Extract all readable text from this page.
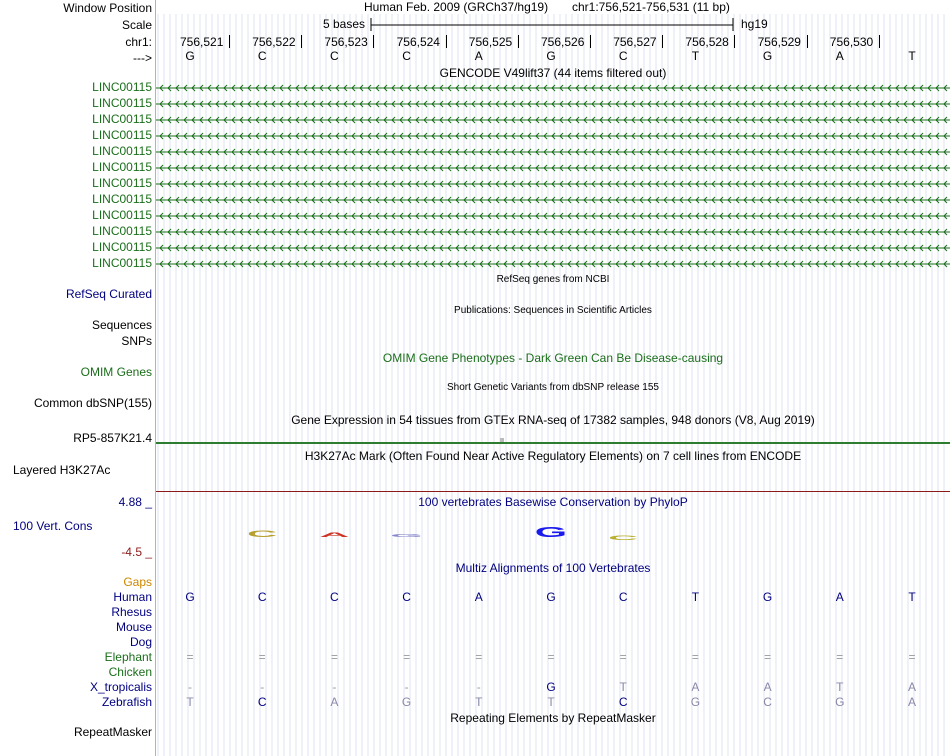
Window Position
Scale
chr1:
--->
LINC00115
LINC00115
LINC00115
LINC00115
LINC00115
LINC00115
LINC00115
LINC00115
LINC00115
LINC00115
LINC00115
LINC00115
RefSeq Curated
Sequences
SNPs
OMIM Genes
Common dbSNP(155)
RP5-857K21.4
Layered H3K27Ac
4.88 _
100 Vert. Cons
-4.5 _
Gaps
Human
Rhesus
Mouse
Dog
Elephant
Chicken
X_tropicalis
Zebrafish
RepeatMasker
Human Feb. 2009 (GRCh37/hg19) chr1:756,521-756,531 (11 bp)
5 bases	hg19
GENCODE V49lift37 (44 items filtered out)
RefSeq genes from NCBI
Publications: Sequences in Scientific Articles
OMIM Gene Phenotypes - Dark Green Can Be Disease-causing
Short Genetic Variants from dbSNP release 155
Gene Expression in 54 tissues from GTEx RNA-seq of 17382 samples, 948 donors (V8, Aug 2019)
H3K27Ac Mark (Often Found Near Active Regulatory Elements) on 7 cell lines from ENCODE
100 vertebrates Basewise Conservation by PhyloP
C	A	G	G	C
Multiz Alignments of 100 Vertebrates
Repeating Elements by RepeatMasker
756,521 756,522 756,523 756,524 756,525 756,526 756,527 756,528 756,529 756,530
G	C	C	C	A	G	C	T	G	A	T
G	C	C	C	A	G	C	T	G	A	T
=	=	=	=	=	=	=	=	=	=	=
-	-	-	-	-	G	T	A	A	T	A
T	C	A	G	T	T	C	G	C	G	A
